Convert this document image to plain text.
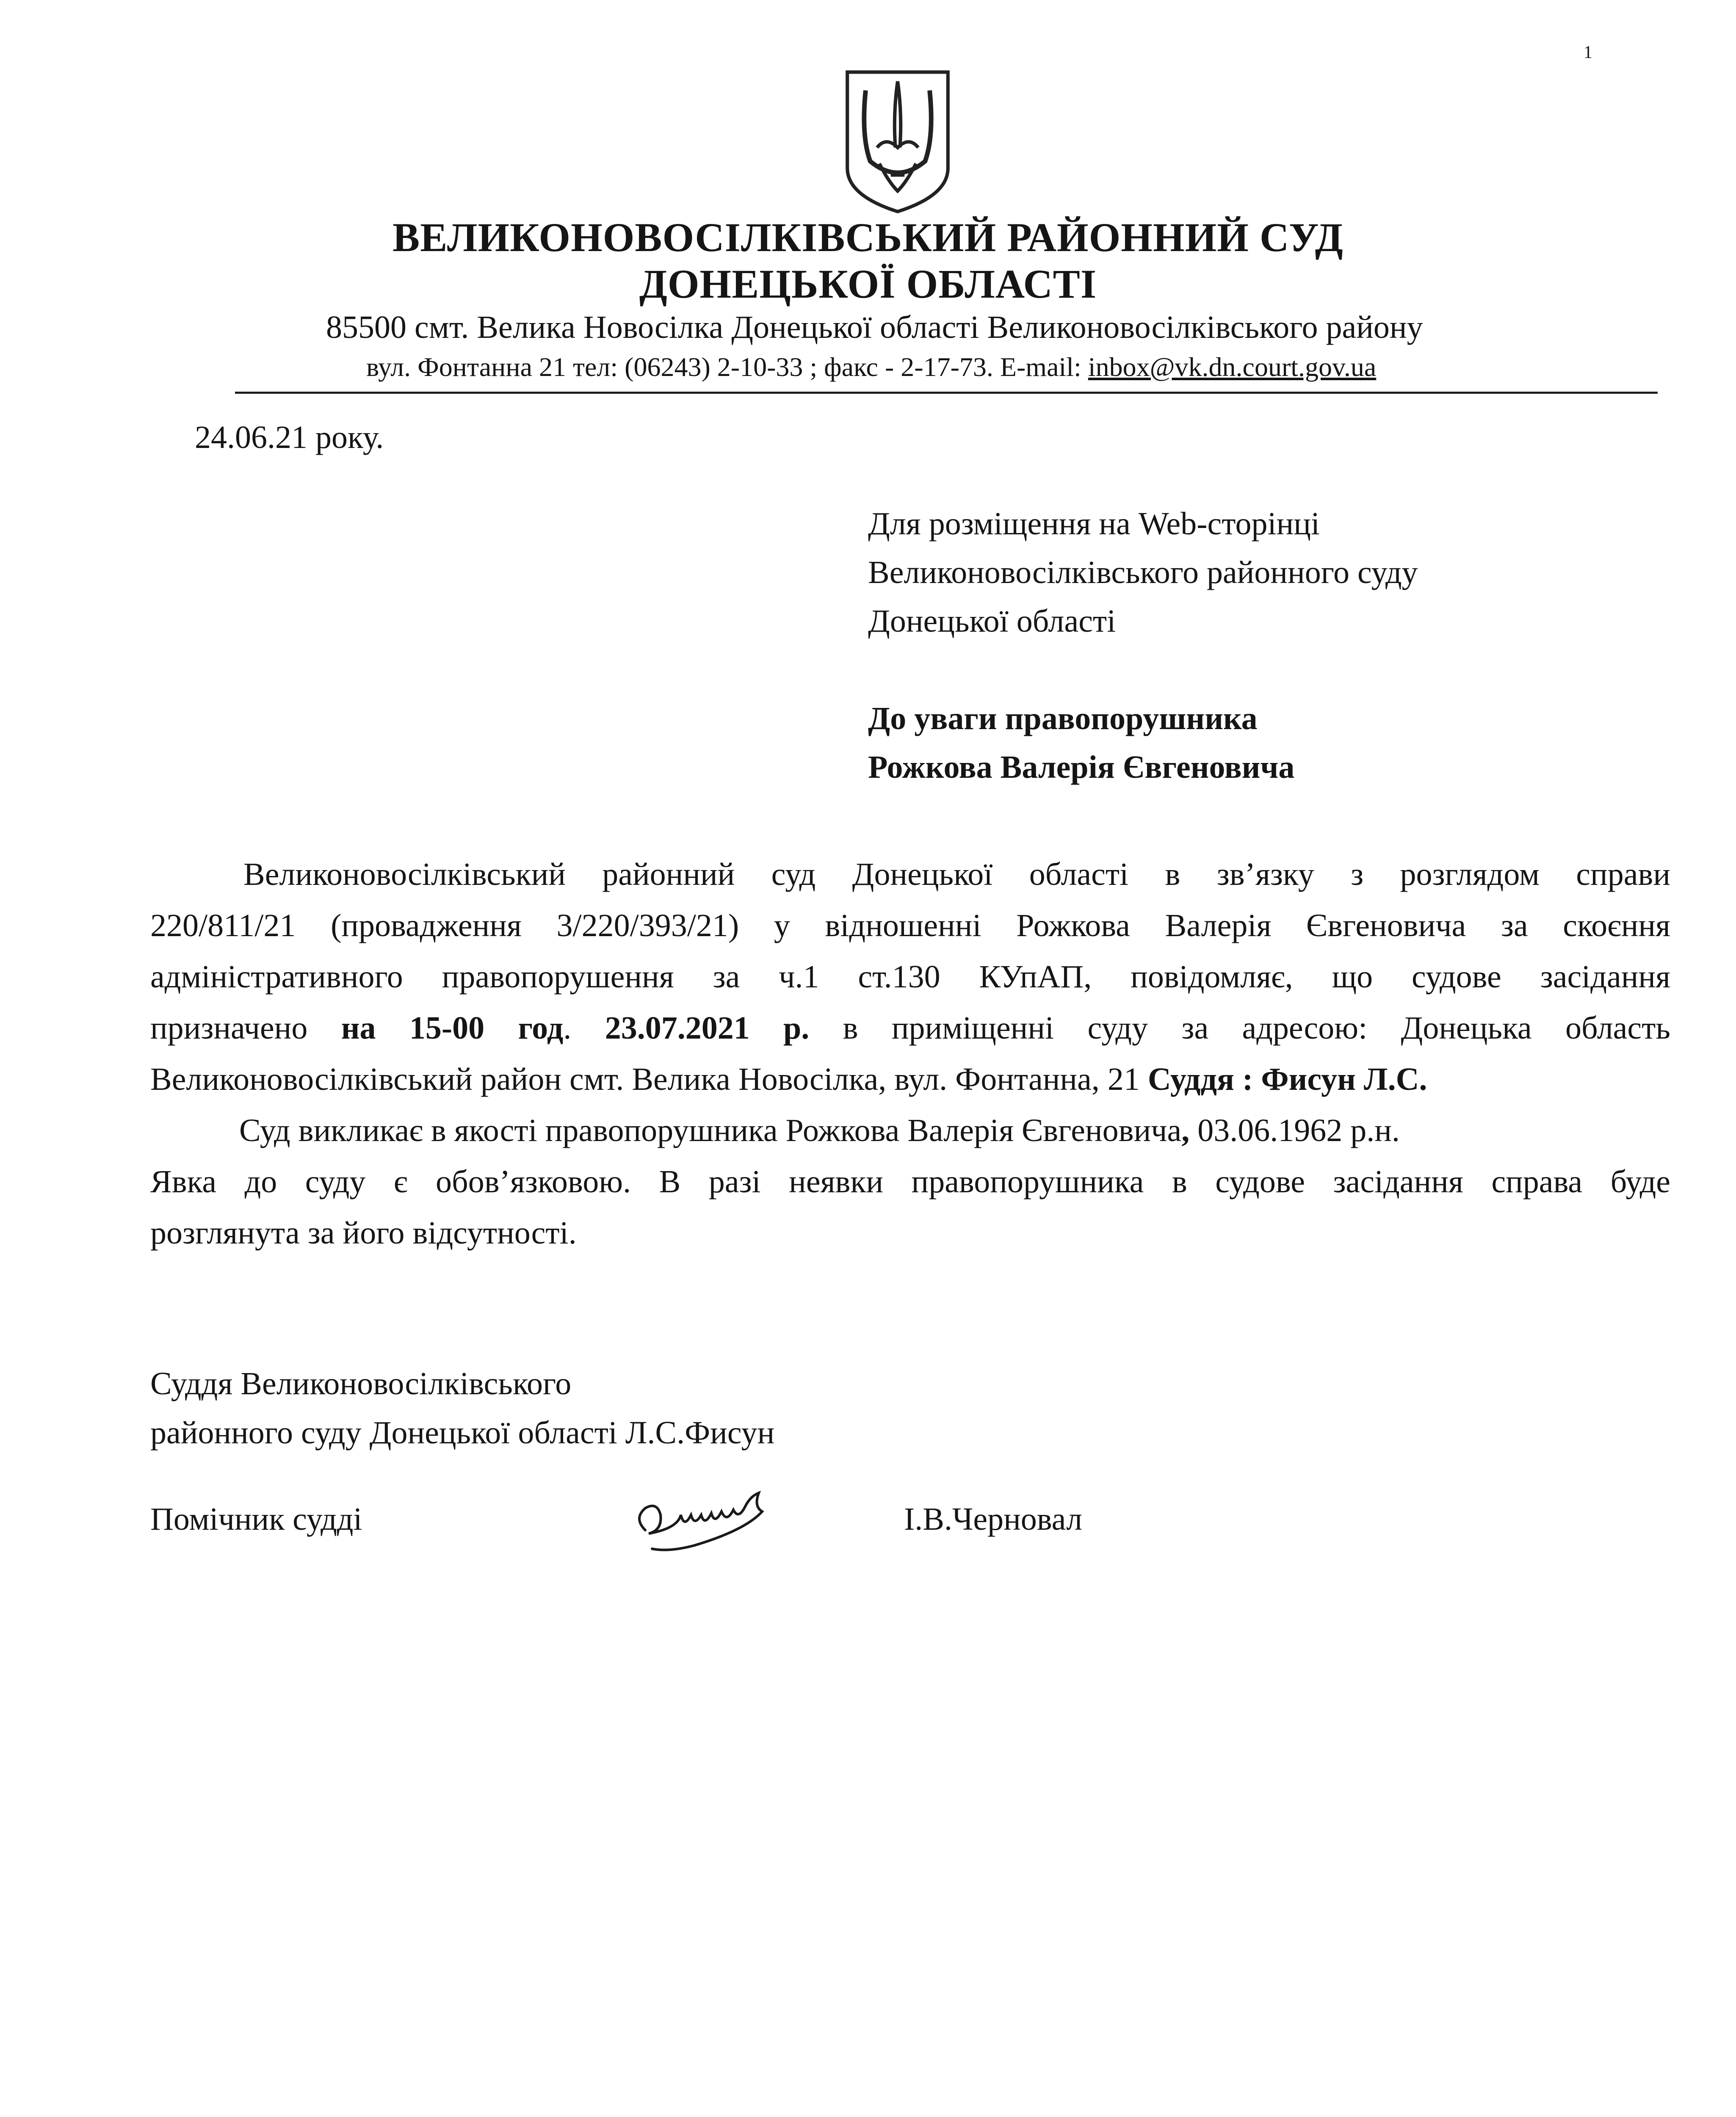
1
ВЕЛИКОНОВОСІЛКІВСЬКИЙ РАЙОННИЙ СУД
ДОНЕЦЬКОЇ ОБЛАСТІ
85500 смт. Велика Новосілка Донецької області Великоновосілківського району
вул. Фонтанна 21 тел: (06243) 2-10-33 ; факс - 2-17-73. E-mail: inbox@vk.dn.court.gov.ua
24.06.21 року.
Для розміщення на Web-сторінці
Великоновосілківського районного суду
Донецької області
До уваги правопорушника
Рожкова Валерія Євгеновича
Великоновосілківський районний суд Донецької області в зв’язку з розглядом справи
220/811/21 (провадження 3/220/393/21) у відношенні Рожкова Валерія Євгеновича за скоєння
адміністративного правопорушення за ч.1 ст.130 КУпАП, повідомляє, що судове засідання
призначено на 15-00 год. 23.07.2021 р. в приміщенні суду за адресою: Донецька область
Великоновосілківський район смт. Велика Новосілка, вул. Фонтанна, 21 Суддя : Фисун Л.С.
Суд викликає в якості правопорушника Рожкова Валерія Євгеновича, 03.06.1962 р.н.
Явка до суду є обов’язковою. В разі неявки правопорушника в судове засідання справа буде
розглянута за його відсутності.
Суддя Великоновосілківського
районного суду Донецької області Л.С.Фисун
Помічник судді	І.В.Черновал
